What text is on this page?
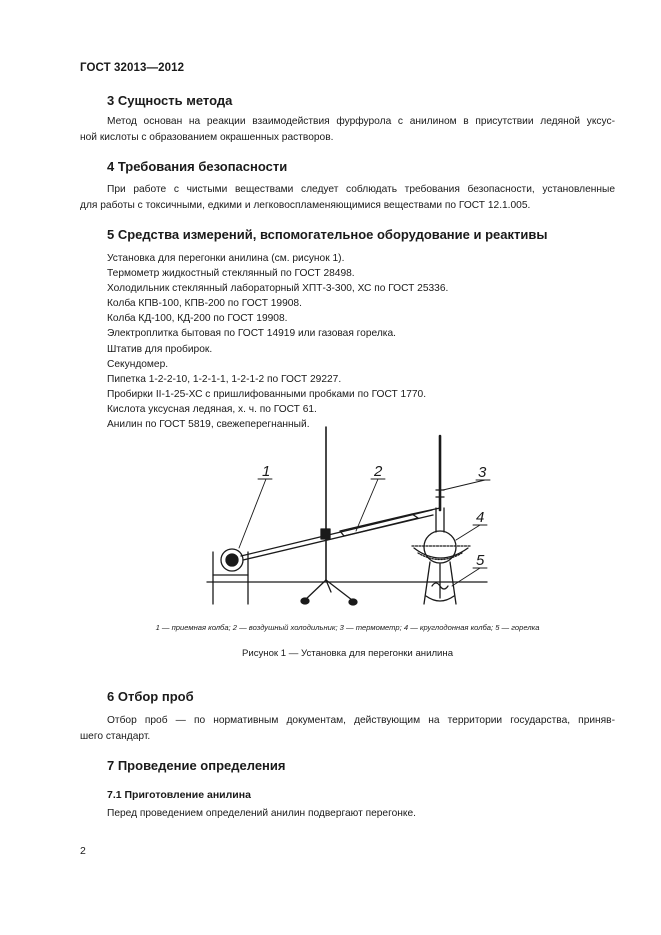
ГОСТ 32013—2012
3 Сущность метода
Метод основан на реакции взаимодействия фурфурола с анилином в присутствии ледяной уксус-
ной кислоты с образованием окрашенных растворов.
4 Требования безопасности
При работе с чистыми веществами следует соблюдать требования безопасности, установленные
для работы с токсичными, едкими и легковоспламеняющимися веществами по ГОСТ 12.1.005.
5 Средства измерений, вспомогательное оборудование и реактивы
Установка для перегонки анилина (см. рисунок 1).
Термометр жидкостный стеклянный по ГОСТ 28498.
Холодильник стеклянный лабораторный ХПТ-3-300, ХС по ГОСТ 25336.
Колба КПВ-100, КПВ-200 по ГОСТ 19908.
Колба КД-100, КД-200 по ГОСТ 19908.
Электроплитка бытовая по ГОСТ 14919 или газовая горелка.
Штатив для пробирок.
Секундомер.
Пипетка 1-2-2-10, 1-2-1-1, 1-2-1-2 по ГОСТ 29227.
Пробирки II-1-25-ХС с пришлифованными пробками по ГОСТ 1770.
Кислота уксусная ледяная, х. ч. по ГОСТ 61.
Анилин по ГОСТ 5819, свежеперегнанный.
1	2	3
4
5
1 — приемная колба; 2 — воздушный холодильник; 3 — термометр; 4 — круглодонная колба; 5 — горелка
Рисунок 1 — Установка для перегонки анилина
6 Отбор проб
Отбор проб — по нормативным документам, действующим на территории государства, приняв-
шего стандарт.
7 Проведение определения
7.1 Приготовление анилина
Перед проведением определений анилин подвергают перегонке.
2
